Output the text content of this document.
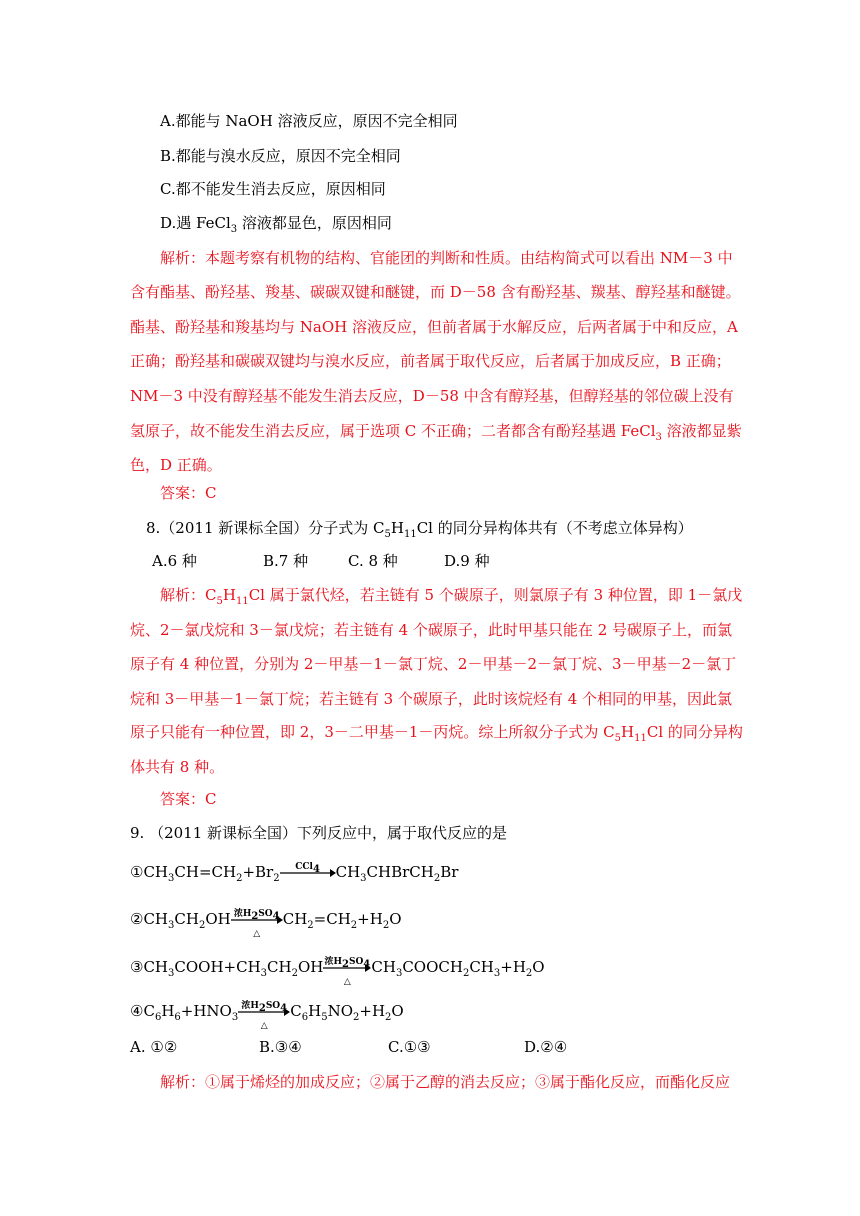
A.都能与 NaOH 溶液反应，原因不完全相同
B.都能与溴水反应，原因不完全相同
C.都不能发生消去反应，原因相同
D.遇 FeCl$_3$ 溶液都显色，原因相同
解析：本题考察有机物的结构、官能团的判断和性质。由结构简式可以看出 NM－3 中
含有酯基、酚羟基、羧基、碳碳双键和醚键，而 D－58 含有酚羟基、羰基、醇羟基和醚键。
酯基、酚羟基和羧基均与 NaOH 溶液反应，但前者属于水解反应，后两者属于中和反应，A
正确；酚羟基和碳碳双键均与溴水反应，前者属于取代反应，后者属于加成反应，B 正确；
NM－3 中没有醇羟基不能发生消去反应，D－58 中含有醇羟基，但醇羟基的邻位碳上没有
氢原子，故不能发生消去反应，属于选项 C 不正确；二者都含有酚羟基遇 FeCl$_3$ 溶液都显紫
色，D 正确。
答案：C
8.（2011 新课标全国）分子式为 $C_5H_{11}Cl$ 的同分异构体共有（不考虑立体异构）
A.6 种	B.7 种	C. 8 种	D.9 种
解析：$C_5H_{11}Cl$ 属于氯代烃，若主链有 5 个碳原子，则氯原子有 3 种位置，即 1－氯戊
烷、2－氯戊烷和 3－氯戊烷；若主链有 4 个碳原子，此时甲基只能在 2 号碳原子上，而氯
原子有 4 种位置，分别为 2－甲基－1－氯丁烷、2－甲基－2－氯丁烷、3－甲基－2－氯丁
烷和 3－甲基－1－氯丁烷；若主链有 3 个碳原子，此时该烷烃有 4 个相同的甲基，因此氯
原子只能有一种位置，即 2，3－二甲基－1－丙烷。综上所叙分子式为 $C_5H_{11}Cl$ 的同分异构
体共有 8 种。
答案：C
9. （2011 新课标全国）下列反应中，属于取代反应的是
$①CH_3CH=CH_2+Br_2$
CCl$_4$	$CH_3CHBrCH_2Br$
$②CH_3CH_2OH$ 浓$H_2SO_4$
△
$CH_2=CH_2+H_2O$
$③CH_3COOH+CH_3CH_2OH$ 浓$H_2SO_4$
△
$CH_3COOCH_2CH_3+H_2O$
$④C_6H_6+HNO_3$
浓$H_2SO_4$
△
$C_6H_5NO_2+H_2O$
A. ①②	B.③④	C.①③	D.②④
解析：①属于烯烃的加成反应；②属于乙醇的消去反应；③属于酯化反应，而酯化反应
